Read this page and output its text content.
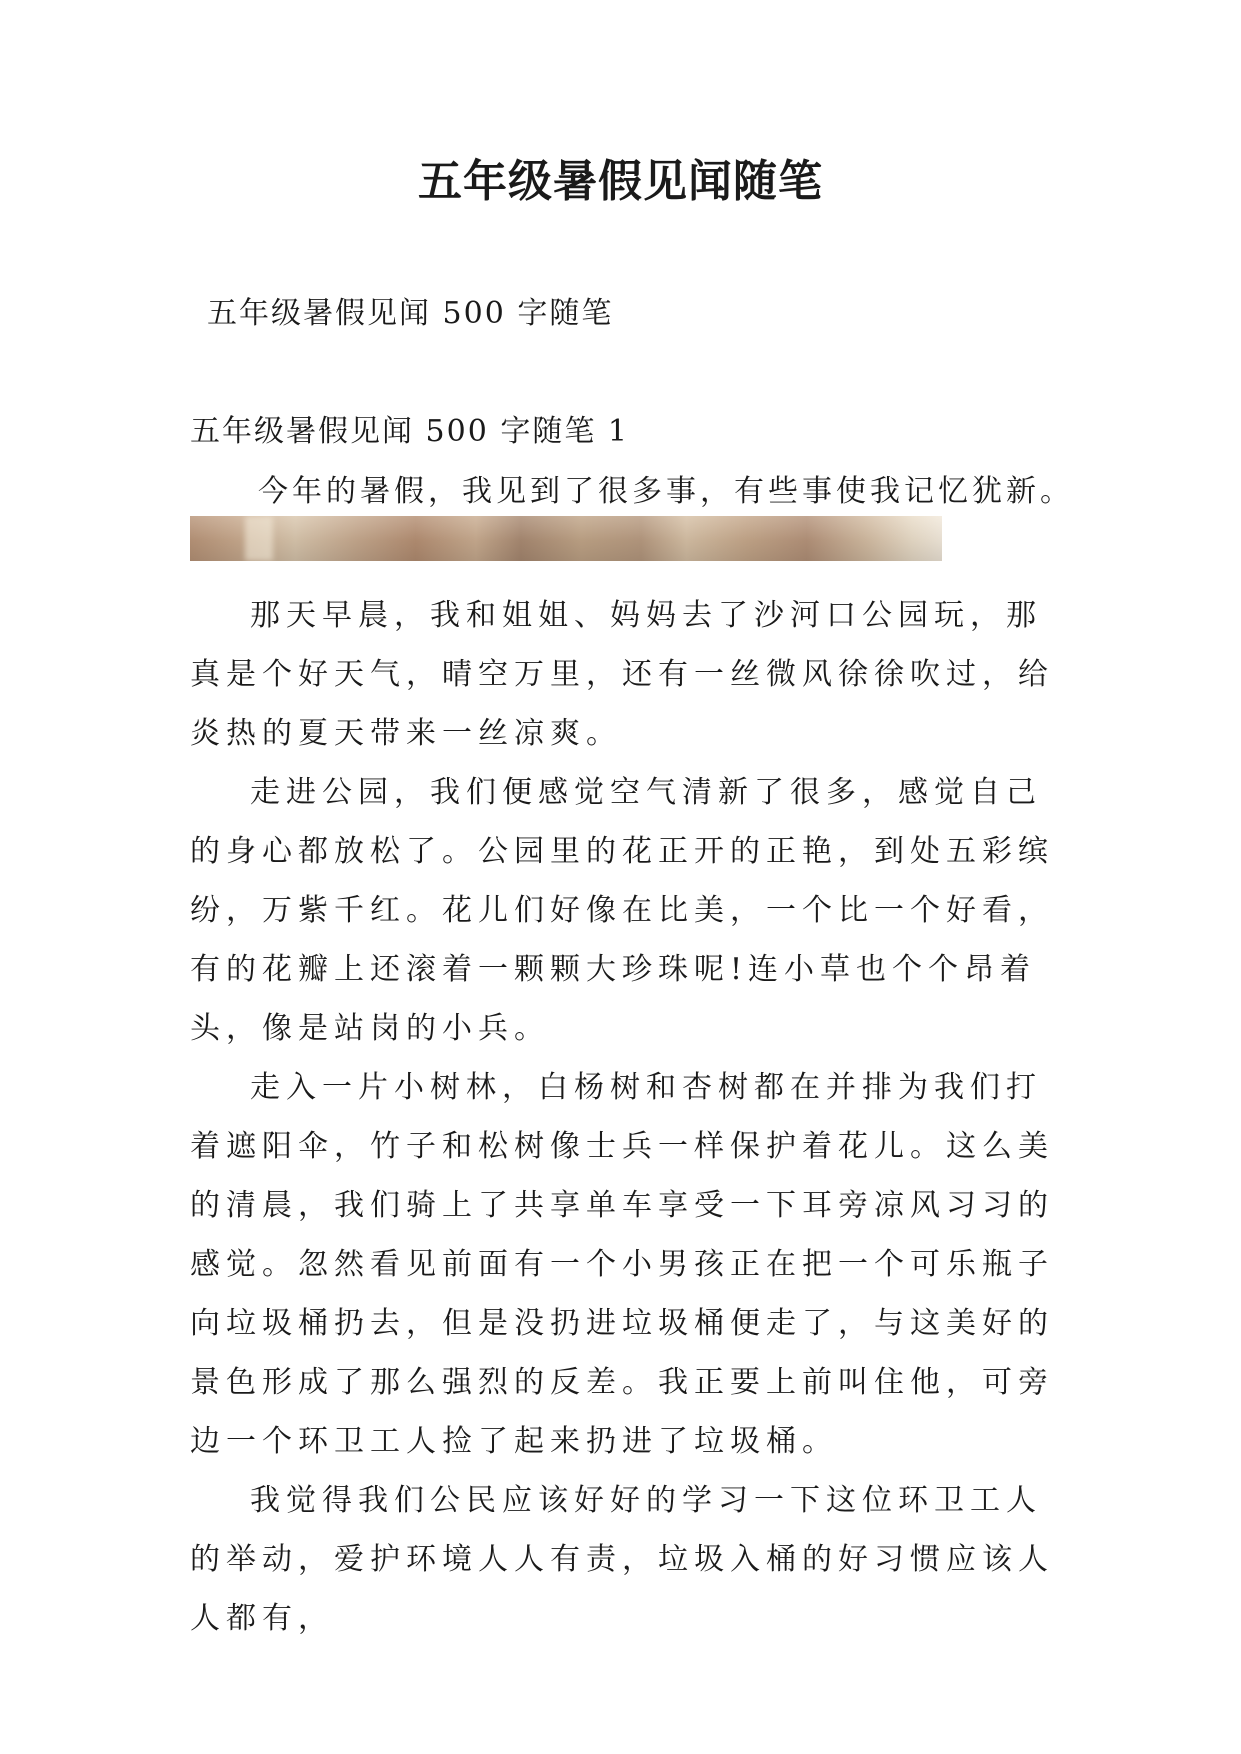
五年级暑假见闻随笔
五年级暑假见闻 500 字随笔
五年级暑假见闻 500 字随笔 1
今年的暑假，我见到了很多事，有些事使我记忆犹新。

那天早晨，我和姐姐、妈妈去了沙河口公园玩，那真是个好天气，晴空万里，还有一丝微风徐徐吹过，给炎热的夏天带来一丝凉爽。

走进公园，我们便感觉空气清新了很多，感觉自己的身心都放松了。公园里的花正开的正艳，到处五彩缤纷，万紫千红。花儿们好像在比美，一个比一个好看，有的花瓣上还滚着一颗颗大珍珠呢!连小草也个个昂着头，像是站岗的小兵。

走入一片小树林，白杨树和杏树都在并排为我们打着遮阳伞，竹子和松树像士兵一样保护着花儿。这么美的清晨，我们骑上了共享单车享受一下耳旁凉风习习的感觉。忽然看见前面有一个小男孩正在把一个可乐瓶子向垃圾桶扔去，但是没扔进垃圾桶便走了，与这美好的景色形成了那么强烈的反差。我正要上前叫住他，可旁边一个环卫工人捡了起来扔进了垃圾桶。

我觉得我们公民应该好好的学习一下这位环卫工人的举动，爱护环境人人有责，垃圾入桶的好习惯应该人人都有，
